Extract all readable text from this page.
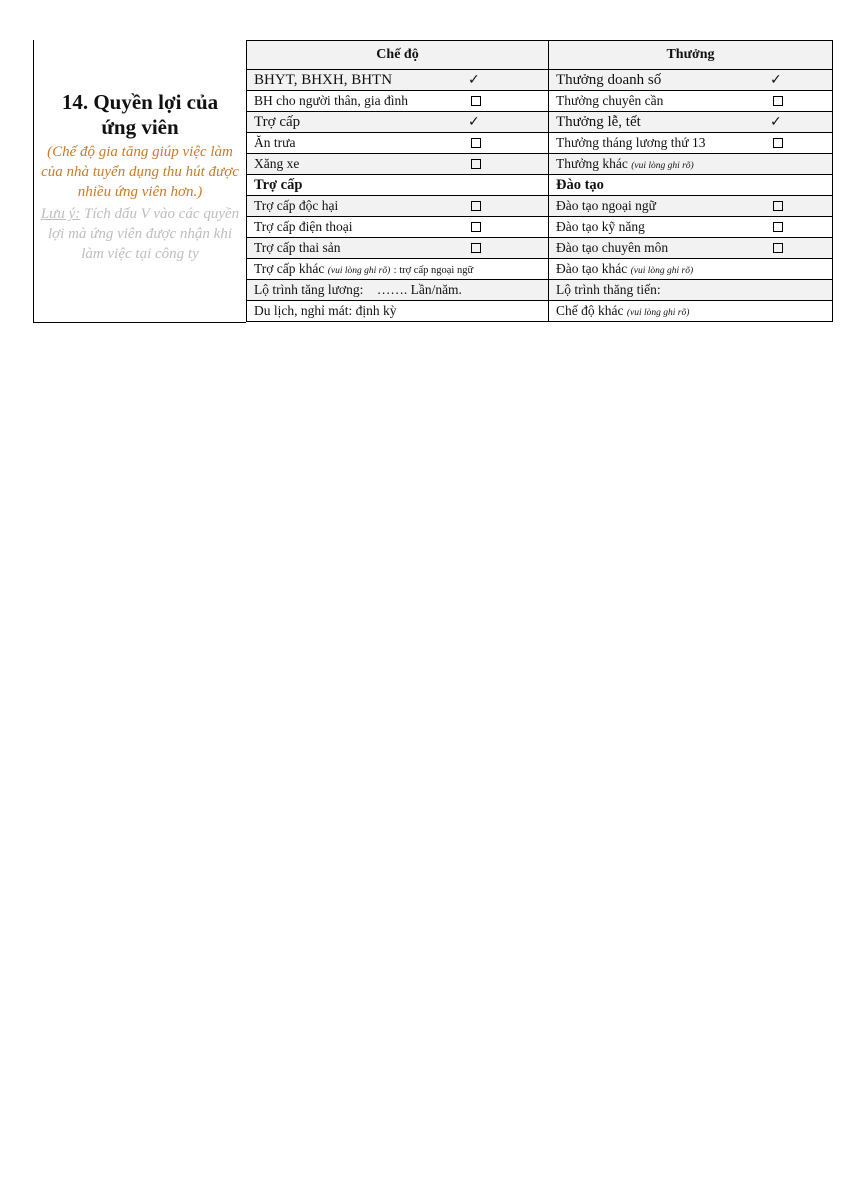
14. Quyền lợi của ứng viên
(Chế độ gia tăng giúp việc làm của nhà tuyển dụng thu hút được nhiều ứng viên hơn.)
Lưu ý: Tích dấu V vào các quyền lợi mà ứng viên được nhận khi làm việc tại công ty
Chế độ	Thưởng
BHYT, BHXH, BHTN ✓	Thưởng doanh số ✓

BH cho người thân, gia đình	Thưởng chuyên cần

Trợ cấp ✓	Thưởng lễ, tết ✓

Ăn trưa	Thưởng tháng lương thứ 13

Xăng xe	Thưởng khác (vui lòng ghi rõ)
Trợ cấp	Đào tạo
Trợ cấp độc hại	Đào tạo ngoại ngữ

Trợ cấp điện thoại	Đào tạo kỹ năng

Trợ cấp thai sản	Đào tạo chuyên môn

Trợ cấp khác (vui lòng ghi rõ) : trợ cấp ngoại ngữ	Đào tạo khác (vui lòng ghi rõ)
Lộ trình tăng lương: ……. Lần/năm.	Lộ trình thăng tiến:
Du lịch, nghỉ mát: định kỳ	Chế độ khác (vui lòng ghi rõ)
